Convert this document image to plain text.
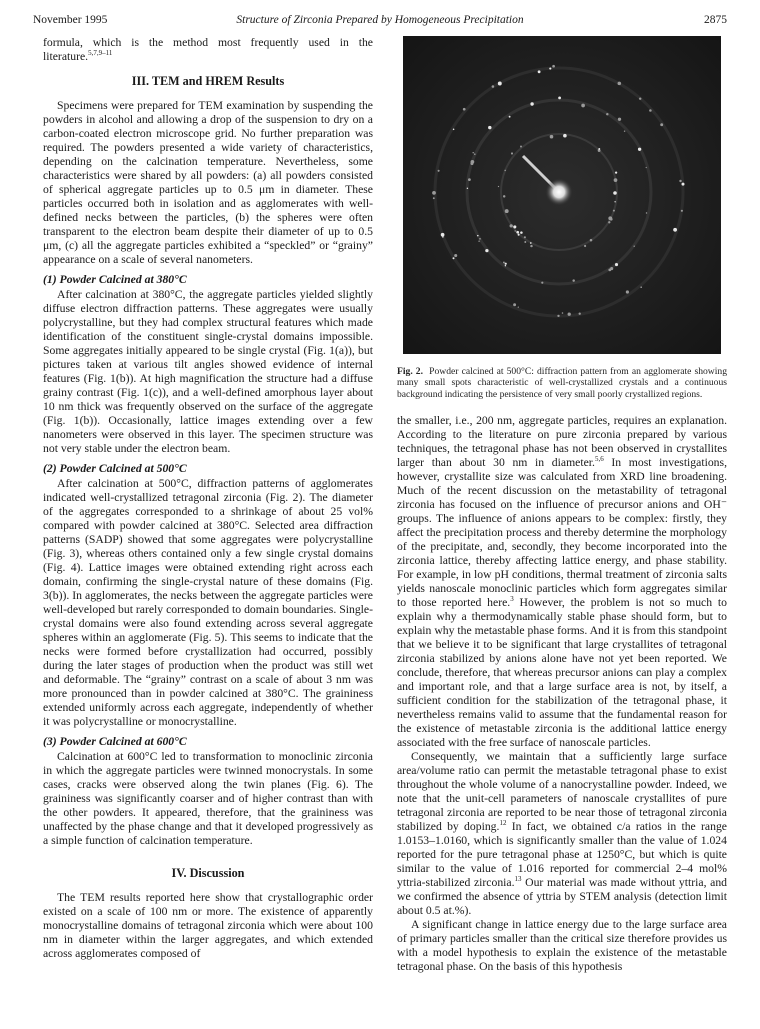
November 1995	Structure of Zirconia Prepared by Homogeneous Precipitation	2875

formula, which is the method most frequently used in the literature.$^{5,7,9-11}$

III. TEM and HREM Results

Specimens were prepared for TEM examination by suspending the powders in alcohol and allowing a drop of the suspension to dry on a carbon-coated electron microscope grid. No further preparation was required. The powders presented a wide variety of characteristics, depending on the calcination temperature. Nevertheless, some characteristics were shared by all powders: (a) all powders consisted of spherical aggregate particles up to 0.5 μm in diameter. These particles occurred both in isolation and as agglomerates with well-defined necks between the particles, (b) the spheres were often transparent to the electron beam despite their diameter of up to 0.5 μm, (c) all the aggregate particles exhibited a “speckled” or “grainy” appearance on a scale of several nanometers.

(1) Powder Calcined at 380°C

After calcination at 380°C, the aggregate particles yielded slightly diffuse electron diffraction patterns. These aggregates were usually polycrystalline, but they had complex structural features which made identification of the constituent single-crystal domains impossible. Some aggregates initially appeared to be single crystal (Fig. 1(a)), but pictures taken at various tilt angles showed evidence of internal features (Fig. 1(b)). At high magnification the structure had a diffuse grainy contrast (Fig. 1(c)), and a well-defined amorphous layer about 10 nm thick was frequently observed on the surface of the aggregate (Fig. 1(b)). Occasionally, lattice images extending over a few nanometers were observed in this layer. The specimen structure was not very stable under the electron beam.

(2) Powder Calcined at 500°C

After calcination at 500°C, diffraction patterns of agglomerates indicated well-crystallized tetragonal zirconia (Fig. 2). The diameter of the aggregates corresponded to a shrinkage of about 25 vol% compared with powder calcined at 380°C. Selected area diffraction patterns (SADP) showed that some aggregates were polycrystalline (Fig. 3), whereas others contained only a few single crystal domains (Fig. 4). Lattice images were obtained extending right across each domain, confirming the single-crystal nature of these domains (Fig. 3(b)). In agglomerates, the necks between the aggregate particles were well-developed but rarely corresponded to domain boundaries. Single-crystal domains were also found extending across several aggregate spheres within an agglomerate (Fig. 5). This seems to indicate that the necks were formed before crystallization had occurred, possibly during the later stages of production when the product was still wet and deformable. The “grainy” contrast on a scale of about 3 nm was more pronounced than in powder calcined at 380°C. The graininess extended uniformly across each aggregate, independently of whether it was polycrystalline or monocrystalline.

(3) Powder Calcined at 600°C

Calcination at 600°C led to transformation to monoclinic zirconia in which the aggregate particles were twinned monocrystals. In some cases, cracks were observed along the twin planes (Fig. 6). The graininess was significantly coarser and of higher contrast than with the other powders. It appeared, therefore, that the graininess was unaffected by the phase change and that it developed progressively as a simple function of calcination temperature.

IV. Discussion

The TEM results reported here show that crystallographic order existed on a scale of 100 nm or more. The existence of apparently monocrystalline domains of tetragonal zirconia which were about 100 nm in diameter within the larger aggregates, and which extended across agglomerates composed of

Fig. 2. Powder calcined at 500°C: diffraction pattern from an agglomerate showing many small spots characteristic of well-crystallized crystals and a continuous background indicating the persistence of very small poorly crystallized regions.

the smaller, i.e., 200 nm, aggregate particles, requires an explanation. According to the literature on pure zirconia prepared by various techniques, the tetragonal phase has not been observed in crystallites larger than about 30 nm in diameter.$^{5,6}$ In most investigations, however, crystallite size was calculated from XRD line broadening. Much of the recent discussion on the metastability of tetragonal zirconia has focused on the influence of precursor anions and OH⁻ groups. The influence of anions appears to be complex: firstly, they affect the precipitation process and thereby determine the morphology of the precipitate, and, secondly, they become incorporated into the zirconia lattice, thereby affecting lattice energy, and phase stability. For example, in low pH conditions, thermal treatment of zirconia salts yields nanoscale monoclinic particles which form aggregates similar to those reported here.$^3$ However, the problem is not so much to explain why a thermodynamically stable phase should form, but to explain why the metastable phase forms. And it is from this standpoint that we believe it to be significant that large crystallites of tetragonal zirconia stabilized by anions alone have not yet been reported. We conclude, therefore, that whereas precursor anions can play a complex and important role, and that a large surface area is not, by itself, a sufficient condition for the stabilization of the tetragonal phase, it nevertheless remains valid to assume that the fundamental reason for the existence of metastable zirconia is the additional lattice energy associated with the free surface of nanoscale particles.

Consequently, we maintain that a sufficiently large surface area/volume ratio can permit the metastable tetragonal phase to exist throughout the whole volume of a nanocrystalline powder. Indeed, we note that the unit-cell parameters of nanoscale crystallites of pure tetragonal zirconia are reported to be near those of tetragonal zirconia stabilized by doping.$^{12}$ In fact, we obtained c/a ratios in the range 1.0153–1.0160, which is significantly smaller than the value of 1.024 reported for the pure tetragonal phase at 1250°C, but which is quite similar to the value of 1.016 reported for commercial 2–4 mol% yttria-stabilized zirconia.$^{13}$ Our material was made without yttria, and we confirmed the absence of yttria by STEM analysis (detection limit about 0.5 at.%).

A significant change in lattice energy due to the large surface area of primary particles smaller than the critical size therefore provides us with a model hypothesis to explain the existence of the metastable tetragonal phase. On the basis of this hypothesis
